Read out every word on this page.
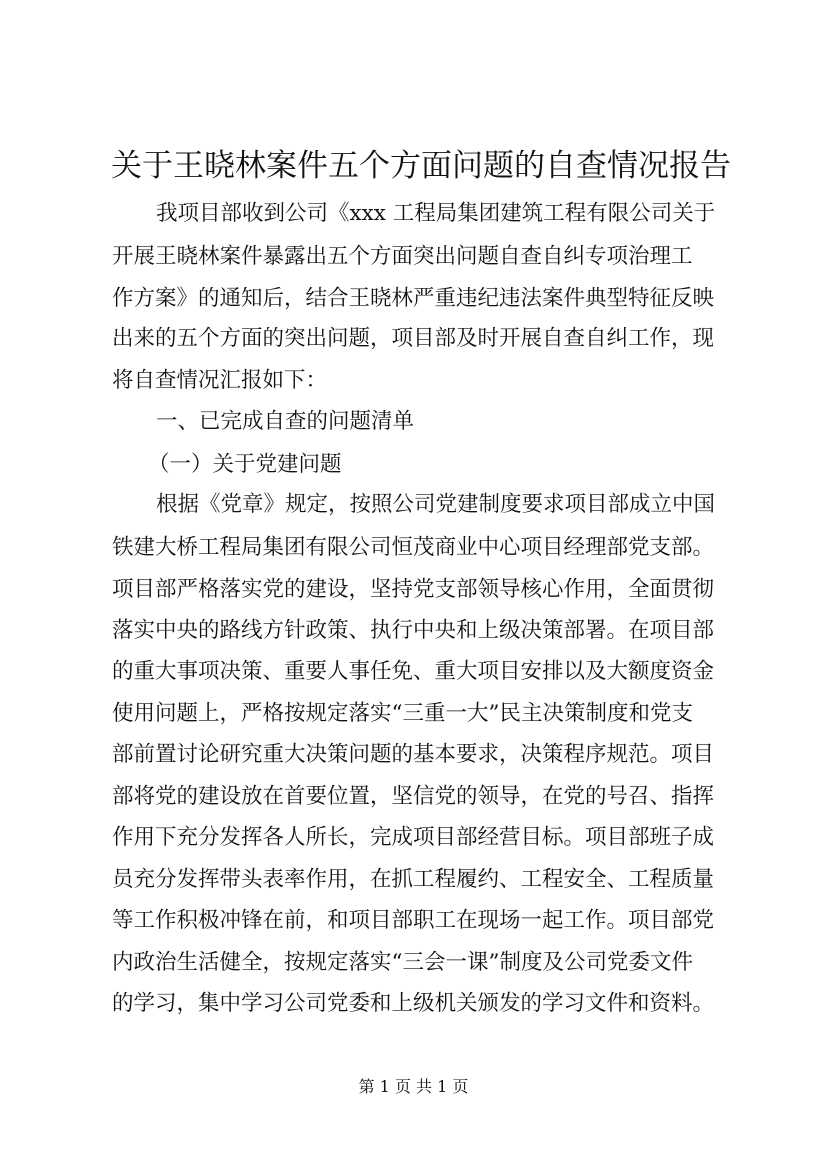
关于王晓林案件五个方面问题的自查情况报告
我项目部收到公司《xxx 工程局集团建筑工程有限公司关于
开展王晓林案件暴露出五个方面突出问题自查自纠专项治理工
作方案》的通知后，结合王晓林严重违纪违法案件典型特征反映
出来的五个方面的突出问题，项目部及时开展自查自纠工作，现
将自查情况汇报如下：
一、已完成自查的问题清单
（一）关于党建问题
根据《党章》规定，按照公司党建制度要求项目部成立中国
铁建大桥工程局集团有限公司恒茂商业中心项目经理部党支部。
项目部严格落实党的建设，坚持党支部领导核心作用，全面贯彻
落实中央的路线方针政策、执行中央和上级决策部署。在项目部
的重大事项决策、重要人事任免、重大项目安排以及大额度资金
使用问题上，严格按规定落实“三重一大”民主决策制度和党支
部前置讨论研究重大决策问题的基本要求，决策程序规范。项目
部将党的建设放在首要位置，坚信党的领导，在党的号召、指挥
作用下充分发挥各人所长，完成项目部经营目标。项目部班子成
员充分发挥带头表率作用，在抓工程履约、工程安全、工程质量
等工作积极冲锋在前，和项目部职工在现场一起工作。项目部党
内政治生活健全，按规定落实“三会一课”制度及公司党委文件
的学习，集中学习公司党委和上级机关颁发的学习文件和资料。
第 1 页 共 1 页
